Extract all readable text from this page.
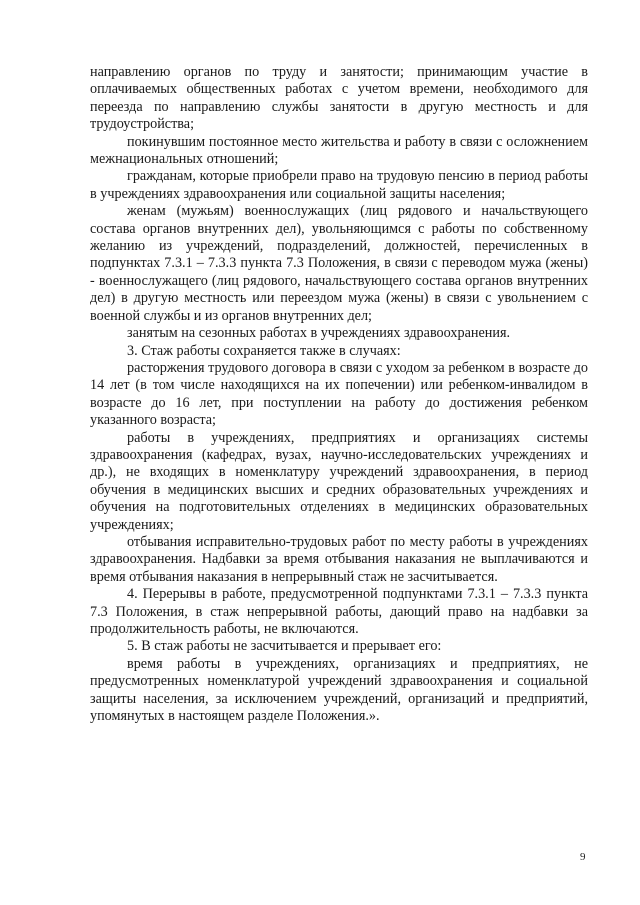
направлению органов по труду и занятости; принимающим участие в оплачиваемых общественных работах с учетом времени, необходимого для переезда по направлению службы занятости в другую местность и для трудоустройства;

покинувшим постоянное место жительства и работу в связи с осложнением межнациональных отношений;

гражданам, которые приобрели право на трудовую пенсию в период работы в учреждениях здравоохранения или социальной защиты населения;

женам (мужьям) военнослужащих (лиц рядового и начальствующего состава органов внутренних дел), увольняющимся с работы по собственному желанию из учреждений, подразделений, должностей, перечисленных в подпунктах 7.3.1 – 7.3.3 пункта 7.3 Положения, в связи с переводом мужа (жены) - военнослужащего (лиц рядового, начальствующего состава органов внутренних дел) в другую местность или переездом мужа (жены) в связи с увольнением с военной службы и из органов внутренних дел;

занятым на сезонных работах в учреждениях здравоохранения.

3. Стаж работы сохраняется также в случаях:

расторжения трудового договора в связи с уходом за ребенком в возрасте до 14 лет (в том числе находящихся на их попечении) или ребенком-инвалидом в возрасте до 16 лет, при поступлении на работу до достижения ребенком указанного возраста;

работы в учреждениях, предприятиях и организациях системы здравоохранения (кафедрах, вузах, научно-исследовательских учреждениях и др.), не входящих в номенклатуру учреждений здравоохранения, в период обучения в медицинских высших и средних образовательных учреждениях и обучения на подготовительных отделениях в медицинских образовательных учреждениях;

отбывания исправительно-трудовых работ по месту работы в учреждениях здравоохранения. Надбавки за время отбывания наказания не выплачиваются и время отбывания наказания в непрерывный стаж не засчитывается.

4. Перерывы в работе, предусмотренной подпунктами 7.3.1 – 7.3.3 пункта 7.3 Положения, в стаж непрерывной работы, дающий право на надбавки за продолжительность работы, не включаются.

5. В стаж работы не засчитывается и прерывает его:

время работы в учреждениях, организациях и предприятиях, не предусмотренных номенклатурой учреждений здравоохранения и социальной защиты населения, за исключением учреждений, организаций и предприятий, упомянутых в настоящем разделе Положения.».

9
